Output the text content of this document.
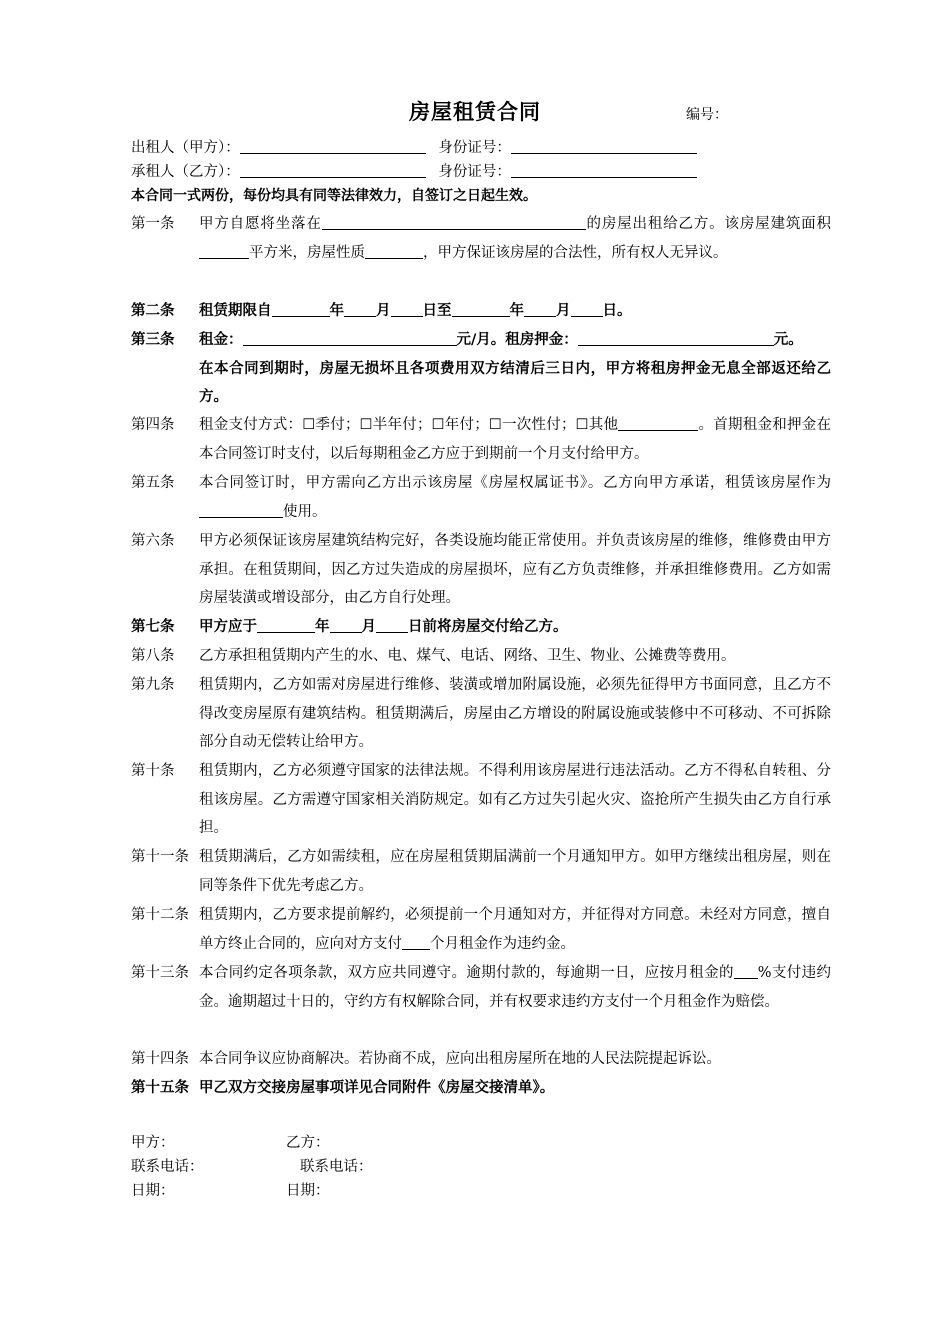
房屋租赁合同	编号：
出租人（甲方）：	身份证号：
承租人（乙方）：	身份证号：
本合同一式两份，每份均具有同等法律效力，自签订之日起生效。
第一条 甲方自愿将坐落在	的房屋出租给乙方。该房屋建筑面积平方米，房屋性质	，甲方保证该房屋的合法性，所有权人无异议。
第二条 租赁期限自	年 月 日至	年 月 日。
第三条 租金：	元/月。租房押金：	元。
在本合同到期时，房屋无损坏且各项费用双方结清后三日内，甲方将租房押金无息全部返还给乙方。
第四条 租金支付方式：☐季付；☐半年付；☐年付；☐一次性付；☐其他	。首期租金和押金在本合同签订时支付，以后每期租金乙方应于到期前一个月支付给甲方。
第五条 本合同签订时，甲方需向乙方出示该房屋《房屋权属证书》。乙方向甲方承诺，租赁该房屋作为使用。
第六条 甲方必须保证该房屋建筑结构完好，各类设施均能正常使用。并负责该房屋的维修，维修费由甲方承担。在租赁期间，因乙方过失造成的房屋损坏，应有乙方负责维修，并承担维修费用。乙方如需房屋装潢或增设部分，由乙方自行处理。
第七条 甲方应于	年 月 日前将房屋交付给乙方。
第八条 乙方承担租赁期内产生的水、电、煤气、电话、网络、卫生、物业、公摊费等费用。
第九条 租赁期内，乙方如需对房屋进行维修、装潢或增加附属设施，必须先征得甲方书面同意，且乙方不得改变房屋原有建筑结构。租赁期满后，房屋由乙方增设的附属设施或装修中不可移动、不可拆除部分自动无偿转让给甲方。
第十条 租赁期内，乙方必须遵守国家的法律法规。不得利用该房屋进行违法活动。乙方不得私自转租、分租该房屋。乙方需遵守国家相关消防规定。如有乙方过失引起火灾、盗抢所产生损失由乙方自行承担。
第十一条 租赁期满后，乙方如需续租，应在房屋租赁期届满前一个月通知甲方。如甲方继续出租房屋，则在同等条件下优先考虑乙方。
第十二条 租赁期内，乙方要求提前解约，必须提前一个月通知对方，并征得对方同意。未经对方同意，擅自单方终止合同的，应向对方支付 个月租金作为违约金。
第十三条 本合同约定各项条款，双方应共同遵守。逾期付款的，每逾期一日，应按月租金的 %支付违约金。逾期超过十日的，守约方有权解除合同，并有权要求违约方支付一个月租金作为赔偿。
第十四条 本合同争议应协商解决。若协商不成，应向出租房屋所在地的人民法院提起诉讼。
第十五条 甲乙双方交接房屋事项详见合同附件《房屋交接清单》。
甲方：	乙方：
联系电话：	联系电话：
日期：	日期：
